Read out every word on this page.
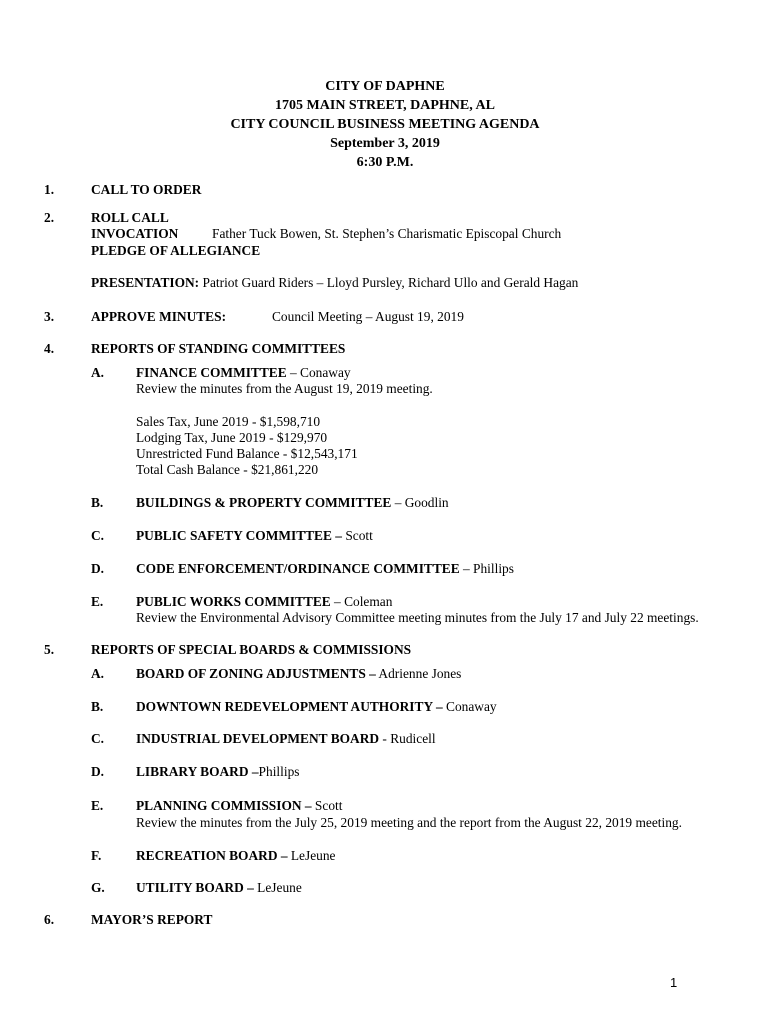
CITY OF DAPHNE
1705 MAIN STREET, DAPHNE, AL
CITY COUNCIL BUSINESS MEETING AGENDA
September 3, 2019
6:30 P.M.
1.	CALL TO ORDER
2.	ROLL CALL
INVOCATION	Father Tuck Bowen, St. Stephen’s Charismatic Episcopal Church
PLEDGE OF ALLEGIANCE
PRESENTATION: Patriot Guard Riders – Lloyd Pursley, Richard Ullo and Gerald Hagan
3.	APPROVE MINUTES:	Council Meeting – August 19, 2019
4.	REPORTS OF STANDING COMMITTEES
A. FINANCE COMMITTEE – Conaway
Review the minutes from the August 19, 2019 meeting.
Sales Tax, June 2019 - $1,598,710
Lodging Tax, June 2019 - $129,970
Unrestricted Fund Balance - $12,543,171
Total Cash Balance - $21,861,220
B. BUILDINGS & PROPERTY COMMITTEE – Goodlin
C. PUBLIC SAFETY COMMITTEE – Scott
D. CODE ENFORCEMENT/ORDINANCE COMMITTEE – Phillips
E. PUBLIC WORKS COMMITTEE – Coleman
Review the Environmental Advisory Committee meeting minutes from the July 17 and July 22 meetings.
5.	REPORTS OF SPECIAL BOARDS & COMMISSIONS
A. BOARD OF ZONING ADJUSTMENTS – Adrienne Jones
B. DOWNTOWN REDEVELOPMENT AUTHORITY – Conaway
C. INDUSTRIAL DEVELOPMENT BOARD - Rudicell
D. LIBRARY BOARD –Phillips
E. PLANNING COMMISSION – Scott
Review the minutes from the July 25, 2019 meeting and the report from the August 22, 2019 meeting.
F.	RECREATION BOARD – LeJeune
G. UTILITY BOARD – LeJeune
6.	MAYOR’S REPORT
1
